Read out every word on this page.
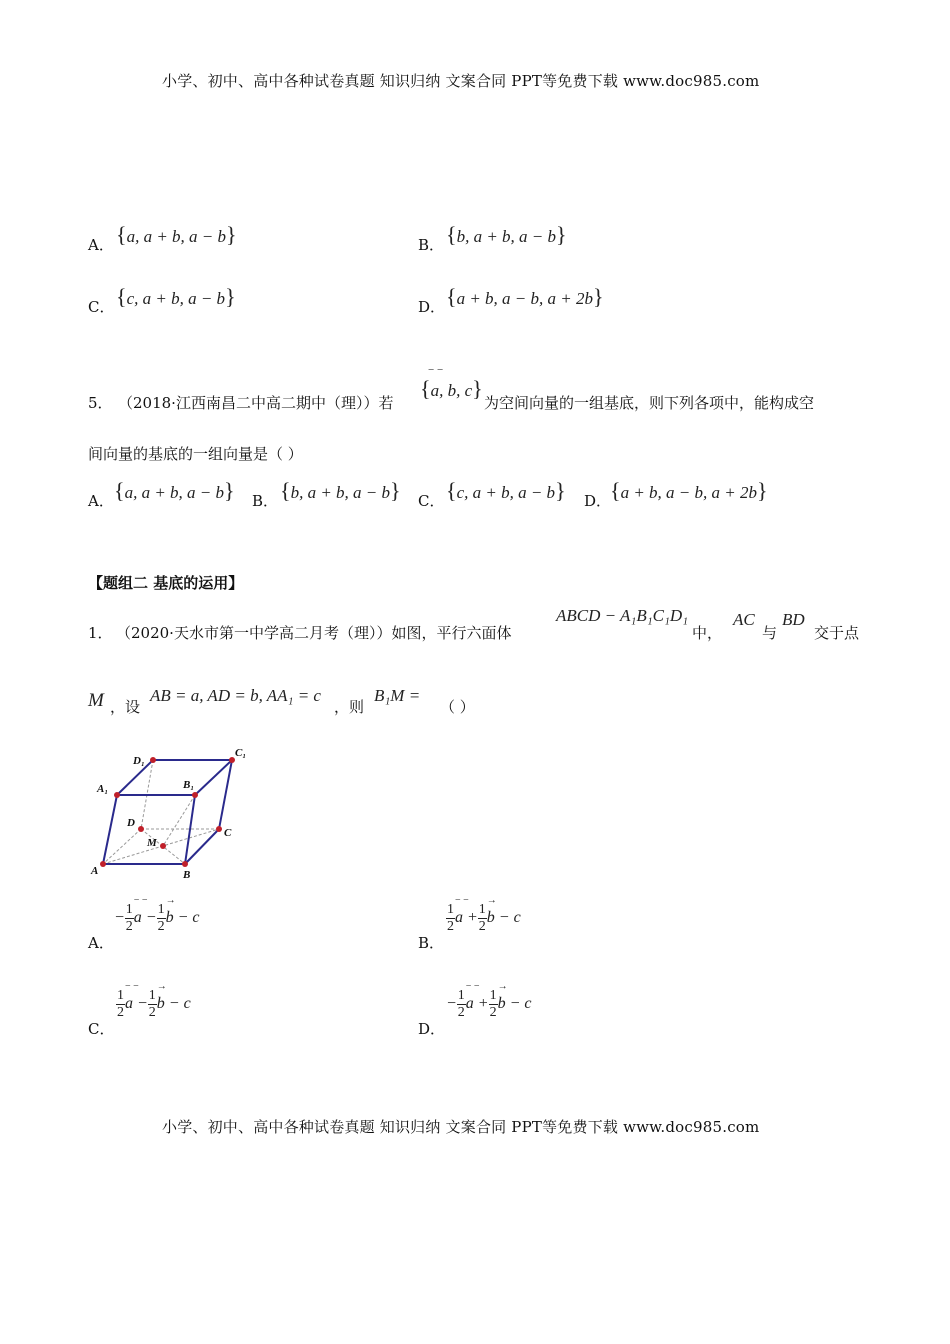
小学、初中、高中各种试卷真题 知识归纳 文案合同 PPT等免费下载 www.doc985.com
A． {a, a + b, a − b}	B． {b, a + b, a − b}
C． {c, a + b, a − b}	D． {a + b, a − b, a + 2b}
5． （2018·江西南昌二中高二期中（理））若
− −
{a, b, c}
为空间向量的一组基底，则下列各项中，能构成空
间向量的基底的一组向量是（ ）
A． {a, a + b, a − b} B． {b, a + b, a − b} C． {c, a + b, a − b} D．
{a + b, a − b, a + 2b}
【题组二 基底的运用】
1． （2020·天水市第一中学高二月考（理））如图，平行六面体
ABCD − A₁B₁C₁D₁
中，
AC
与
BD
交于点
M ，设
AB = a, AD = b, AA₁ = c
，则
B₁M =
（ ）
D₁
C₁
A₁	B₁
D
C
M
A	B
A．
− $\frac{1}{2}$
− −
$a - \frac{1}{2}$
→
b − c
B．
$\frac{1}{2}$
− −
$a + \frac{1}{2}$
→
b − c
C．
$\frac{1}{2}$
− −
$a - \frac{1}{2}$
→
b − c
D．
− $\frac{1}{2}$
− −
$a + \frac{1}{2}$
→
b − c
小学、初中、高中各种试卷真题 知识归纳 文案合同 PPT等免费下载 www.doc985.com
